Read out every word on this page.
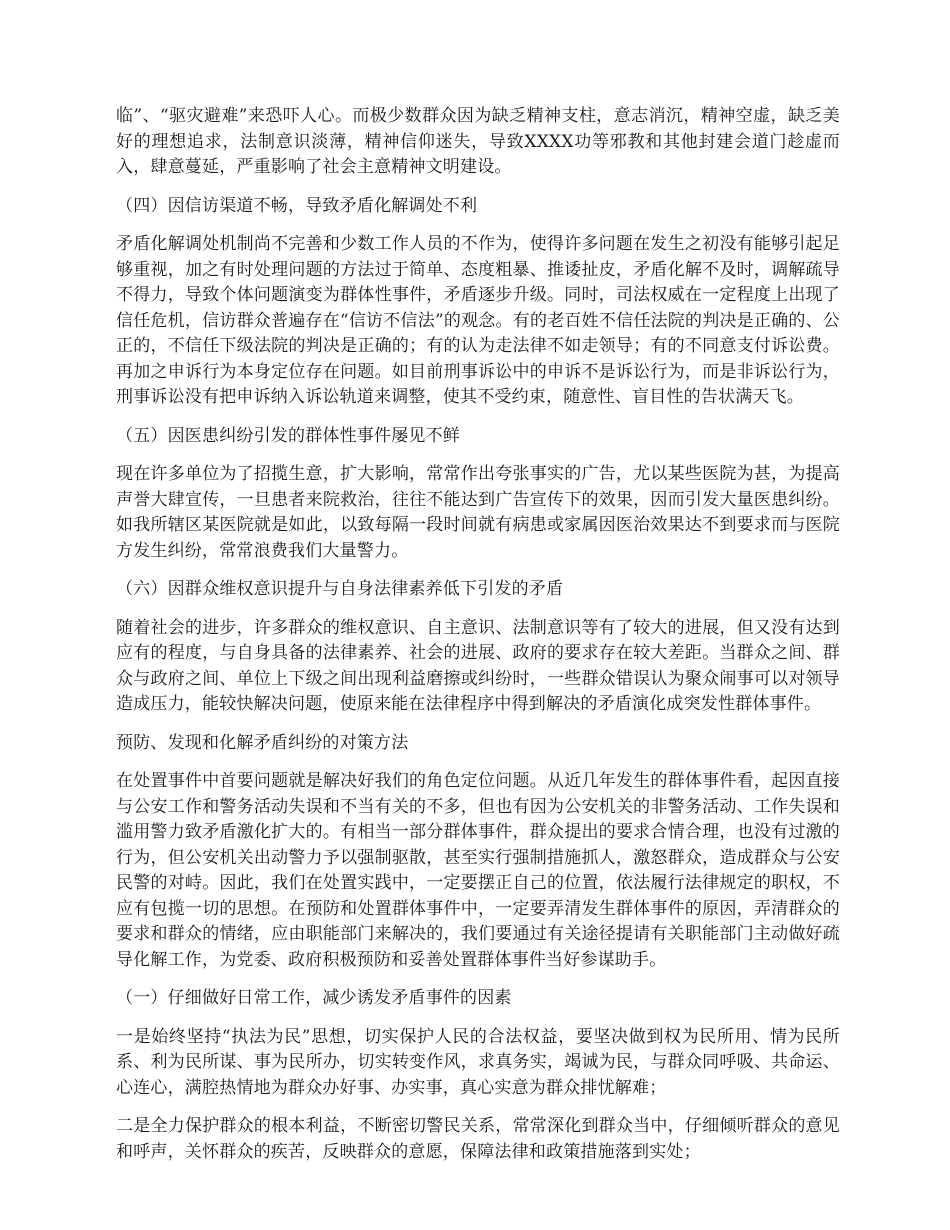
临”、“驱灾避难”来恐吓人心。而极少数群众因为缺乏精神支柱，意志消沉，精神空虚，缺乏美好的理想追求，法制意识淡薄，精神信仰迷失，导致XXXX功等邪教和其他封建会道门趁虚而入，肆意蔓延，严重影响了社会主意精神文明建设。

（四）因信访渠道不畅，导致矛盾化解调处不利

矛盾化解调处机制尚不完善和少数工作人员的不作为，使得许多问题在发生之初没有能够引起足够重视，加之有时处理问题的方法过于简单、态度粗暴、推诿扯皮，矛盾化解不及时，调解疏导不得力，导致个体问题演变为群体性事件，矛盾逐步升级。同时，司法权威在一定程度上出现了信任危机，信访群众普遍存在“信访不信法”的观念。有的老百姓不信任法院的判决是正确的、公正的，不信任下级法院的判决是正确的；有的认为走法律不如走领导；有的不同意支付诉讼费。再加之申诉行为本身定位存在问题。如目前刑事诉讼中的申诉不是诉讼行为，而是非诉讼行为，刑事诉讼没有把申诉纳入诉讼轨道来调整，使其不受约束，随意性、盲目性的告状满天飞。

（五）因医患纠纷引发的群体性事件屡见不鲜

现在许多单位为了招揽生意，扩大影响，常常作出夸张事实的广告，尤以某些医院为甚，为提高声誉大肆宣传，一旦患者来院救治，往往不能达到广告宣传下的效果，因而引发大量医患纠纷。如我所辖区某医院就是如此，以致每隔一段时间就有病患或家属因医治效果达不到要求而与医院方发生纠纷，常常浪费我们大量警力。

（六）因群众维权意识提升与自身法律素养低下引发的矛盾

随着社会的进步，许多群众的维权意识、自主意识、法制意识等有了较大的进展，但又没有达到应有的程度，与自身具备的法律素养、社会的进展、政府的要求存在较大差距。当群众之间、群众与政府之间、单位上下级之间出现利益磨擦或纠纷时，一些群众错误认为聚众闹事可以对领导造成压力，能较快解决问题，使原来能在法律程序中得到解决的矛盾演化成突发性群体事件。

预防、发现和化解矛盾纠纷的对策方法

在处置事件中首要问题就是解决好我们的角色定位问题。从近几年发生的群体事件看，起因直接与公安工作和警务活动失误和不当有关的不多，但也有因为公安机关的非警务活动、工作失误和滥用警力致矛盾激化扩大的。有相当一部分群体事件，群众提出的要求合情合理，也没有过激的行为，但公安机关出动警力予以强制驱散，甚至实行强制措施抓人，激怒群众，造成群众与公安民警的对峙。因此，我们在处置实践中，一定要摆正自己的位置，依法履行法律规定的职权，不应有包揽一切的思想。在预防和处置群体事件中，一定要弄清发生群体事件的原因，弄清群众的要求和群众的情绪，应由职能部门来解决的，我们要通过有关途径提请有关职能部门主动做好疏导化解工作，为党委、政府积极预防和妥善处置群体事件当好参谋助手。

（一）仔细做好日常工作，减少诱发矛盾事件的因素

一是始终坚持“执法为民”思想，切实保护人民的合法权益，要坚决做到权为民所用、情为民所系、利为民所谋、事为民所办，切实转变作风，求真务实，竭诚为民，与群众同呼吸、共命运、心连心，满腔热情地为群众办好事、办实事，真心实意为群众排忧解难；

二是全力保护群众的根本利益，不断密切警民关系，常常深化到群众当中，仔细倾听群众的意见和呼声，关怀群众的疾苦，反映群众的意愿，保障法律和政策措施落到实处；
